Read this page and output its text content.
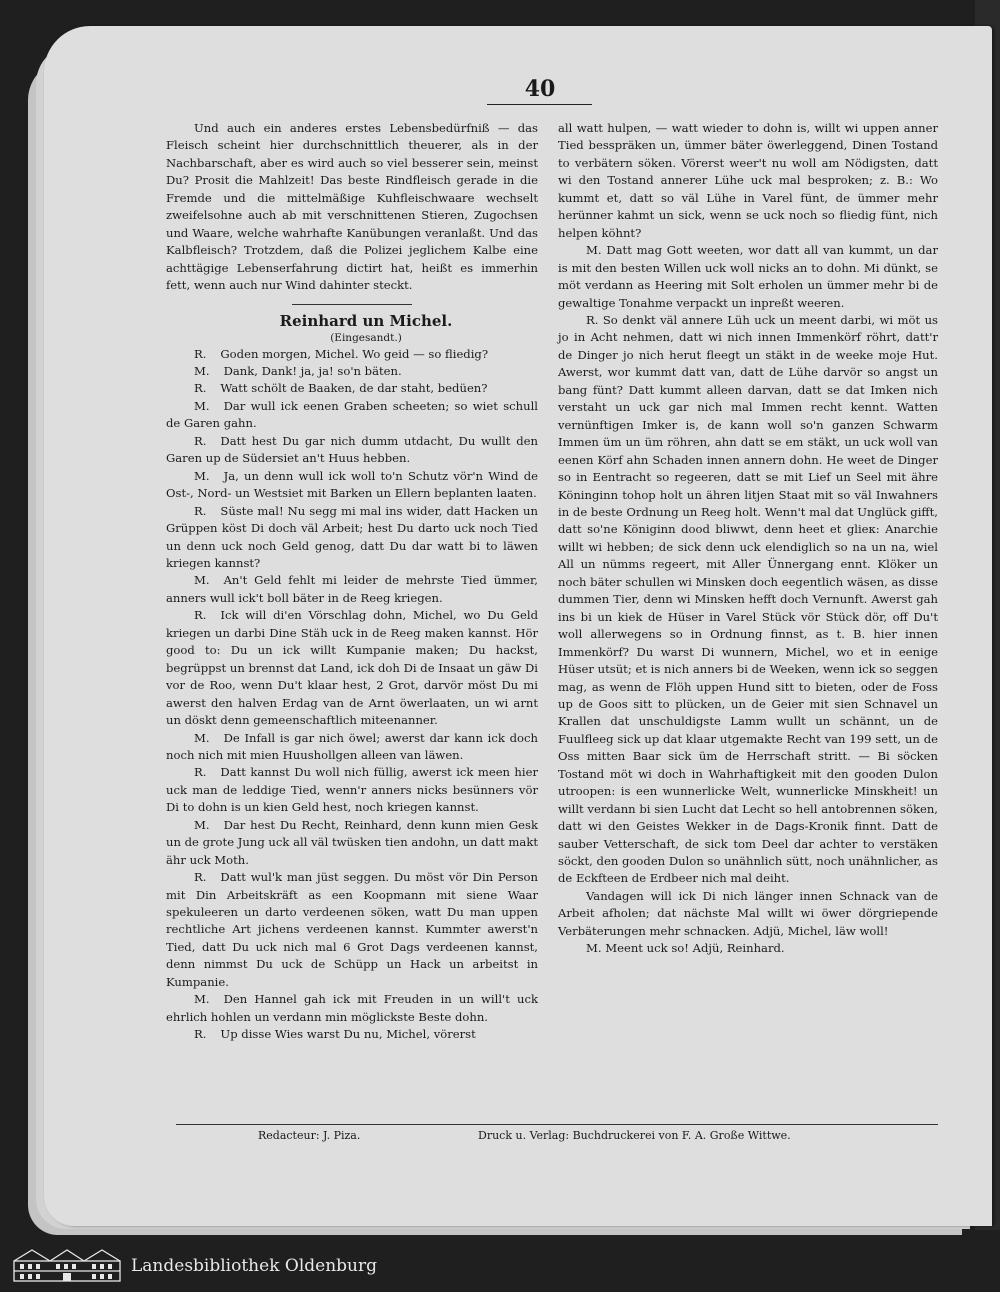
40

Und auch ein anderes erstes Lebensbedürfniß — das Fleisch scheint hier durchschnittlich theuerer, als in der Nachbarschaft, aber es wird auch so viel besserer sein, meinst Du? Prosit die Mahlzeit! Das beste Rindfleisch gerade in die Fremde und die mittelmäßige Kuhfleischwaare wechselt zweifelsohne auch ab mit verschnittenen Stieren, Zugochsen und Waare, welche wahrhafte Kanübungen veranlaßt. Und das Kalbfleisch? Trotzdem, daß die Polizei jeglichem Kalbe eine achttägige Lebenserfahrung dictirt hat, heißt es immerhin fett, wenn auch nur Wind dahinter steckt.

Reinhard un Michel.

(Eingesandt.)

R. Goden morgen, Michel. Wo geid — so fliedig?

M. Dank, Dank! ja, ja! so'n bäten.

R. Watt schölt de Baaken, de dar staht, bedüen?

M. Dar wull ick eenen Graben scheeten; so wiet schull de Garen gahn.

R. Datt hest Du gar nich dumm utdacht, Du wullt den Garen up de Südersiet an't Huus hebben.

M. Ja, un denn wull ick woll to'n Schutz vör'n Wind de Ost-, Nord- un Westsiet mit Barken un Ellern beplanten laaten.

R. Süste mal! Nu segg mi mal ins wider, datt Hacken un Grüppen köst Di doch väl Arbeit; hest Du darto uck noch Tied un denn uck noch Geld genog, datt Du dar watt bi to läwen kriegen kannst?

M. An't Geld fehlt mi leider de mehrste Tied ümmer, anners wull ick't boll bäter in de Reeg kriegen.

R. Ick will di'en Vörschlag dohn, Michel, wo Du Geld kriegen un darbi Dine Stäh uck in de Reeg maken kannst. Hör good to: Du un ick willt Kumpanie maken; Du hackst, begrüppst un brennst dat Land, ick doh Di de Insaat un gäw Di vor de Roo, wenn Du't klaar hest, 2 Grot, darvör möst Du mi awerst den halven Erdag van de Arnt öwerlaaten, un wi arnt un döskt denn gemeenschaftlich miteenanner.

M. De Infall is gar nich öwel; awerst dar kann ick doch noch nich mit mien Huushollgen alleen van läwen.

R. Datt kannst Du woll nich füllig, awerst ick meen hier uck man de leddige Tied, wenn'r anners nicks besünners vör Di to dohn is un kien Geld hest, noch kriegen kannst.

M. Dar hest Du Recht, Reinhard, denn kunn mien Gesk un de grote Jung uck all väl twüsken tien andohn, un datt makt ähr uck Moth.

R. Datt wul'k man jüst seggen. Du möst vör Din Person mit Din Arbeitskräft as een Koopmann mit siene Waar spekuleeren un darto verdeenen söken, watt Du man uppen rechtliche Art jichens verdeenen kannst. Kummter awerst'n Tied, datt Du uck nich mal 6 Grot Dags verdeenen kannst, denn nimmst Du uck de Schüpp un Hack un arbeitst in Kumpanie.

M. Den Hannel gah ick mit Freuden in un will't uck ehrlich hohlen un verdann min möglickste Beste dohn.

R. Up disse Wies warst Du nu, Michel, vörerst

all watt hulpen, — watt wieder to dohn is, willt wi uppen anner Tied besspräken un, ümmer bäter öwerleggend, Dinen Tostand to verbätern söken. Vörerst weer't nu woll am Nödigsten, datt wi den Tostand annerer Lühe uck mal besproken; z. B.: Wo kummt et, datt so väl Lühe in Varel fünt, de ümmer mehr herünner kahmt un sick, wenn se uck noch so fliedig fünt, nich helpen köhnt?

M. Datt mag Gott weeten, wor datt all van kummt, un dar is mit den besten Willen uck woll nicks an to dohn. Mi dünkt, se möt verdann as Heering mit Solt erholen un ümmer mehr bi de gewaltige Tonahme verpackt un inpreßt weeren.

R. So denkt väl annere Lüh uck un meent darbi, wi möt us jo in Acht nehmen, datt wi nich innen Immenkörf röhrt, datt'r de Dinger jo nich herut fleegt un stäkt in de weeke moje Hut. Awerst, wor kummt datt van, datt de Lühe darvör so angst un bang fünt? Datt kummt alleen darvan, datt se dat Imken nich verstaht un uck gar nich mal Immen recht kennt. Watten vernünftigen Imker is, de kann woll so'n ganzen Schwarm Immen üm un üm röhren, ahn datt se em stäkt, un uck woll van eenen Körf ahn Schaden innen annern dohn. He weet de Dinger so in Eentracht so regeeren, datt se mit Lief un Seel mit ähre Köninginn tohop holt un ähren litjen Staat mit so väl Inwahners in de beste Ordnung un Reeg holt. Wenn't mal dat Unglück gifft, datt so'ne Königinn dood bliwwt, denn heet et glieк: Anarchie willt wi hebben; de sick denn uck elendiglich so na un na, wiel All un nümms regeert, mit Aller Ünnergang ennt. Klöker un noch bäter schullen wi Minsken doch eegentlich wäsen, as disse dummen Tier, denn wi Minsken hefft doch Vernunft. Awerst gah ins bi un kiek de Hüser in Varel Stück vör Stück dör, off Du't woll allerwegens so in Ordnung finnst, as t. B. hier innen Immenkörf? Du warst Di wunnern, Michel, wo et in eenige Hüser utsüt; et is nich anners bi de Weeken, wenn ick so seggen mag, as wenn de Flöh uppen Hund sitt to bieten, oder de Foss up de Goos sitt to plücken, un de Geier mit sien Schnavel un Krallen dat unschuldigste Lamm wullt un schännt, un de Fuulfleeg sick up dat klaar utgemakte Recht van 199 sett, un de Oss mitten Baar sick üm de Herrschaft stritt. — Bi söcken Tostand möt wi doch in Wahrhaftigkeit mit den gooden Dulon utroopen: is een wunnerlicke Welt, wunnerlicke Minskheit! un willt verdann bi sien Lucht dat Lecht so hell antobrennen söken, datt wi den Geistes Wekker in de Dags-Kronik finnt. Datt de sauber Vetterschaft, de sick tom Deel dar achter to verstäken söckt, den gooden Dulon so unähnlich sütt, noch unähnlicher, as de Eckfteen de Erdbeer nich mal deiht.

Vandagen will ick Di nich länger innen Schnack van de Arbeit afholen; dat nächste Mal willt wi öwer dörgriepende Verbäterungen mehr schnacken. Adjü, Michel, läw woll!

M. Meent uck so! Adjü, Reinhard.

Redacteur: J. Piza.	Druck u. Verlag: Buchdruckerei von F. A. Große Wittwe.
Landesbibliothek Oldenburg
